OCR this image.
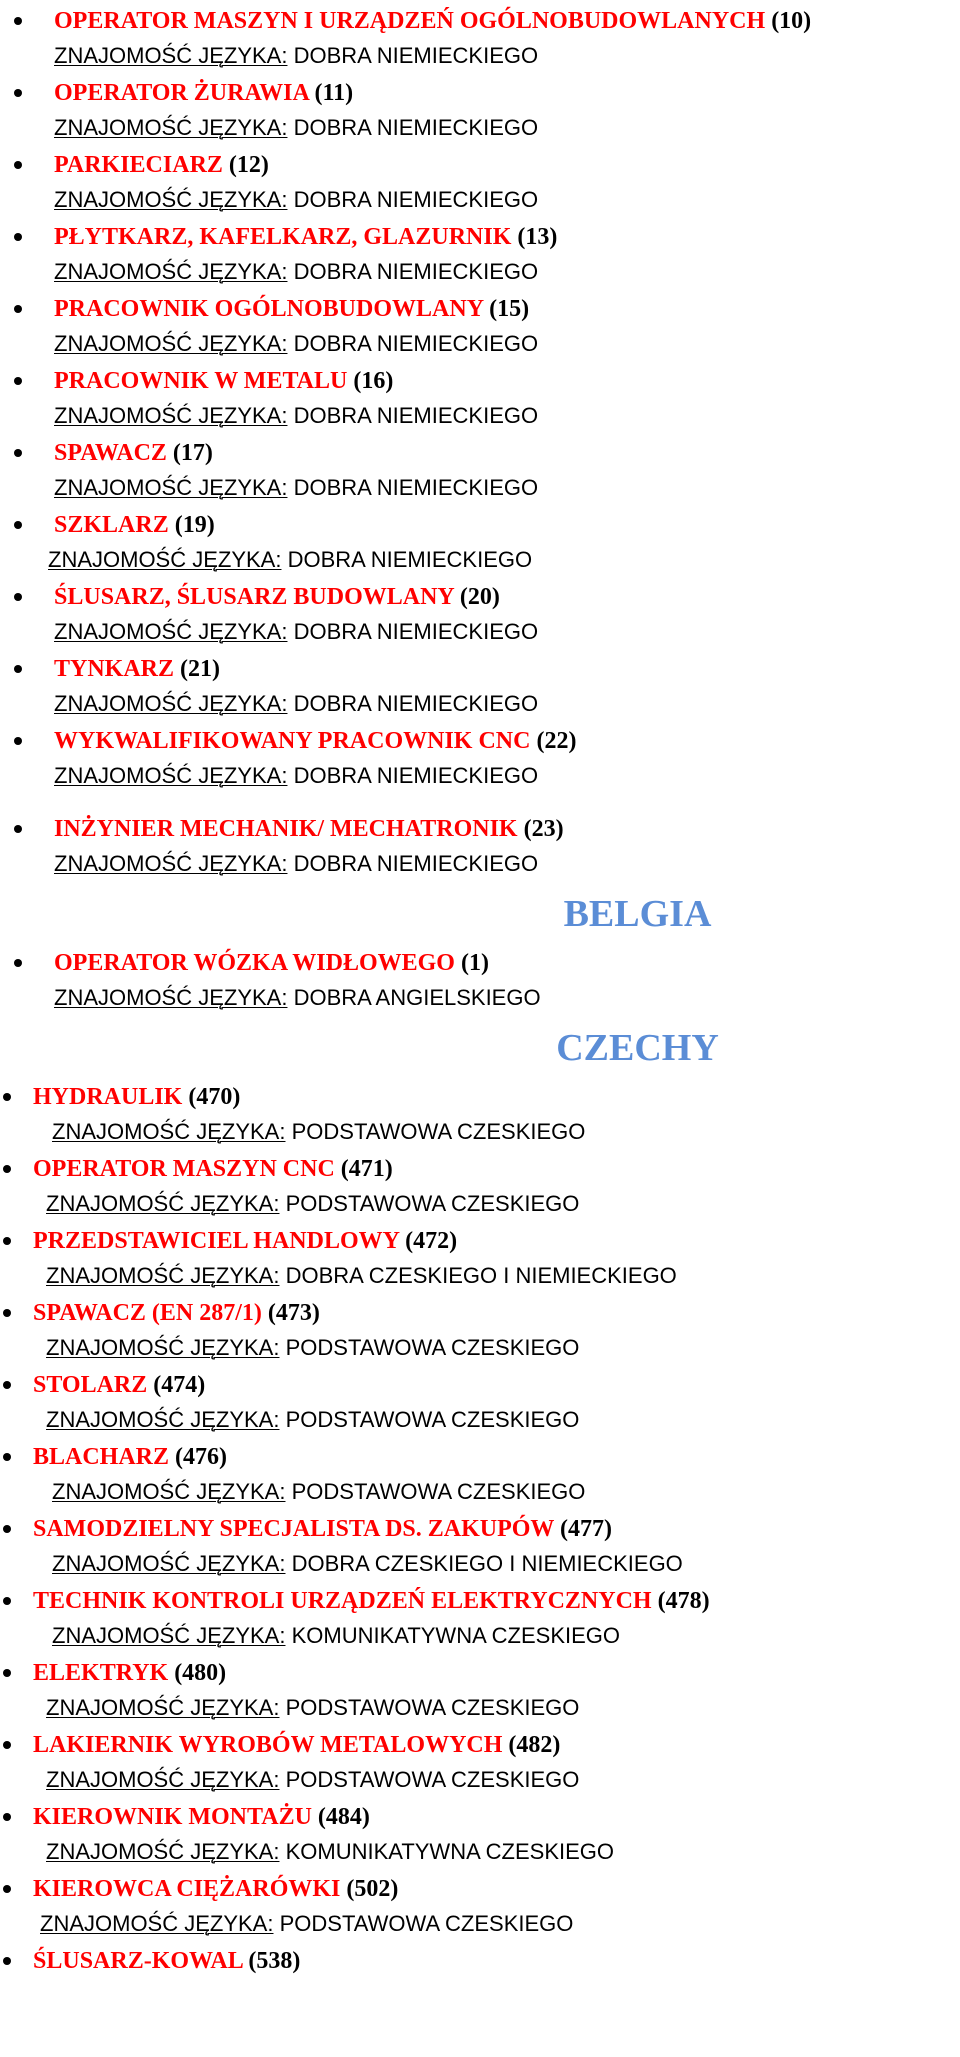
OPERATOR MASZYN I URZĄDZEŃ OGÓLNOBUDOWLANYCH (10)
ZNAJOMOŚĆ JĘZYKA: DOBRA NIEMIECKIEGO
OPERATOR ŻURAWIA (11)
ZNAJOMOŚĆ JĘZYKA: DOBRA NIEMIECKIEGO
PARKIECIARZ (12)
ZNAJOMOŚĆ JĘZYKA: DOBRA NIEMIECKIEGO
PŁYTKARZ, KAFELKARZ, GLAZURNIK (13)
ZNAJOMOŚĆ JĘZYKA: DOBRA NIEMIECKIEGO
PRACOWNIK OGÓLNOBUDOWLANY (15)
ZNAJOMOŚĆ JĘZYKA: DOBRA NIEMIECKIEGO
PRACOWNIK W METALU (16)
ZNAJOMOŚĆ JĘZYKA: DOBRA NIEMIECKIEGO
SPAWACZ (17)
ZNAJOMOŚĆ JĘZYKA: DOBRA NIEMIECKIEGO
SZKLARZ (19)
ZNAJOMOŚĆ JĘZYKA: DOBRA NIEMIECKIEGO
ŚLUSARZ, ŚLUSARZ BUDOWLANY (20)
ZNAJOMOŚĆ JĘZYKA: DOBRA NIEMIECKIEGO
TYNKARZ (21)
ZNAJOMOŚĆ JĘZYKA: DOBRA NIEMIECKIEGO
WYKWALIFIKOWANY PRACOWNIK CNC (22)
ZNAJOMOŚĆ JĘZYKA: DOBRA NIEMIECKIEGO
INŻYNIER MECHANIK/ MECHATRONIK (23)
ZNAJOMOŚĆ JĘZYKA: DOBRA NIEMIECKIEGO
BELGIA
OPERATOR WÓZKA WIDŁOWEGO (1)
ZNAJOMOŚĆ JĘZYKA: DOBRA ANGIELSKIEGO
CZECHY
HYDRAULIK (470)
ZNAJOMOŚĆ JĘZYKA: PODSTAWOWA CZESKIEGO
OPERATOR MASZYN CNC (471)
ZNAJOMOŚĆ JĘZYKA: PODSTAWOWA CZESKIEGO
PRZEDSTAWICIEL HANDLOWY (472)
ZNAJOMOŚĆ JĘZYKA: DOBRA CZESKIEGO I NIEMIECKIEGO
SPAWACZ (EN 287/1) (473)
ZNAJOMOŚĆ JĘZYKA: PODSTAWOWA CZESKIEGO
STOLARZ (474)
ZNAJOMOŚĆ JĘZYKA: PODSTAWOWA CZESKIEGO
BLACHARZ (476)
ZNAJOMOŚĆ JĘZYKA: PODSTAWOWA CZESKIEGO
SAMODZIELNY SPECJALISTA DS. ZAKUPÓW (477)
ZNAJOMOŚĆ JĘZYKA: DOBRA CZESKIEGO I NIEMIECKIEGO
TECHNIK KONTROLI URZĄDZEŃ ELEKTRYCZNYCH (478)
ZNAJOMOŚĆ JĘZYKA: KOMUNIKATYWNA CZESKIEGO
ELEKTRYK (480)
ZNAJOMOŚĆ JĘZYKA: PODSTAWOWA CZESKIEGO
LAKIERNIK WYROBÓW METALOWYCH (482)
ZNAJOMOŚĆ JĘZYKA: PODSTAWOWA CZESKIEGO
KIEROWNIK MONTAŻU (484)
ZNAJOMOŚĆ JĘZYKA: KOMUNIKATYWNA CZESKIEGO
KIEROWCA CIĘŻARÓWKI (502)
ZNAJOMOŚĆ JĘZYKA: PODSTAWOWA CZESKIEGO
ŚLUSARZ-KOWAL (538)
